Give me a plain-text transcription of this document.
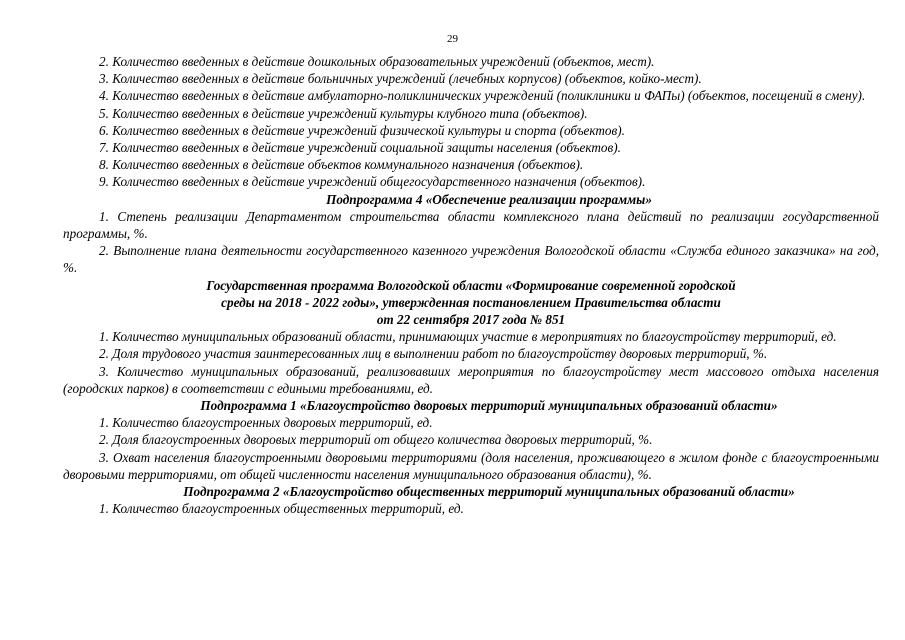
29

2. Количество введенных в действие дошкольных образовательных учреждений (объектов, мест).

3. Количество введенных в действие больничных учреждений (лечебных корпусов) (объектов, койко-мест).

4. Количество введенных в действие амбулаторно-поликлинических учреждений (поликлиники и ФАПы) (объектов, посещений в смену).

5. Количество введенных в действие учреждений культуры клубного типа (объектов).

6. Количество введенных в действие учреждений физической культуры и спорта (объектов).

7. Количество введенных в действие учреждений социальной защиты населения (объектов).

8. Количество введенных в действие объектов коммунального назначения (объектов).

9. Количество введенных в действие учреждений общегосударственного назначения (объектов).

Подпрограмма 4 «Обеспечение реализации программы»

1. Степень реализации Департаментом строительства области комплексного плана действий по реализации государственной программы, %.

2. Выполнение плана деятельности государственного казенного учреждения Вологодской области «Служба единого заказчика» на год, %.

Государственная программа Вологодской области «Формирование современной городской
среды на 2018 - 2022 годы», утвержденная постановлением Правительства области
от 22 сентября 2017 года № 851

1. Количество муниципальных образований области, принимающих участие в мероприятиях по благоустройству территорий, ед.

2. Доля трудового участия заинтересованных лиц в выполнении работ по благоустройству дворовых территорий, %.

3. Количество муниципальных образований, реализовавших мероприятия по благоустройству мест массового отдыха населения (городских парков) в соответствии с едиными требованиями, ед.

Подпрограмма 1 «Благоустройство дворовых территорий муниципальных образований области»

1. Количество благоустроенных дворовых территорий, ед.

2. Доля благоустроенных дворовых территорий от общего количества дворовых территорий, %.

3. Охват населения благоустроенными дворовыми территориями (доля населения, проживающего в жилом фонде с благоустроенными дворовыми территориями, от общей численности населения муниципального образования области), %.

Подпрограмма 2 «Благоустройство общественных территорий муниципальных образований области»

1. Количество благоустроенных общественных территорий, ед.
